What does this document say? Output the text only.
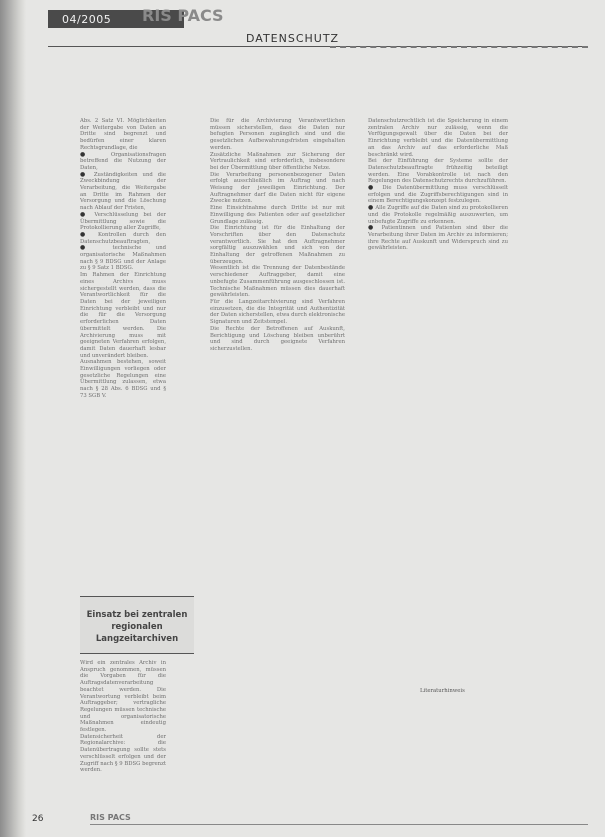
04/2005 RIS PACS
DATENSCHUTZ

Abs. 2 Satz VI. Möglichkeiten der Weitergabe von Daten an Dritte sind begrenzt und bedürfen einer klaren Rechtsgrundlage, die

● Organisationsfragen betreffend die Nutzung der Daten,

● Zuständigkeiten und die Zweckbindung der Verarbeitung, die Weitergabe an Dritte im Rahmen der Versorgung und die Löschung nach Ablauf der Fristen,

● Verschlüsselung bei der Übermittlung sowie die Protokollierung aller Zugriffe,

● Kontrollen durch den Datenschutzbeauftragten,

● technische und organisatorische Maßnahmen nach § 9 BDSG und der Anlage zu § 9 Satz 1 BDSG.

Im Rahmen der Einrichtung eines Archivs muss sichergestellt werden, dass die Verantwortlichkeit für die Daten bei der jeweiligen Einrichtung verbleibt und nur die für die Versorgung erforderlichen Daten übermittelt werden. Die Archivierung muss mit geeigneten Verfahren erfolgen, damit Daten dauerhaft lesbar und unverändert bleiben.

Ausnahmen bestehen, soweit Einwilligungen vorliegen oder gesetzliche Regelungen eine Übermittlung zulassen, etwa nach § 28 Abs. 6 BDSG und § 73 SGB V.

Einsatz bei zentralen regionalen Langzeitarchiven

Wird ein zentrales Archiv in Anspruch genommen, müssen die Vorgaben für die Auftragsdatenverarbeitung beachtet werden. Die Verantwortung verbleibt beim Auftraggeber; vertragliche Regelungen müssen technische und organisatorische Maßnahmen eindeutig festlegen.

Datensicherheit der Regionalarchive: die Datenübertragung sollte stets verschlüsselt erfolgen und der Zugriff nach § 9 BDSG begrenzt werden.

Die für die Archivierung Verantwortlichen müssen sicherstellen, dass die Daten nur befugten Personen zugänglich sind und die gesetzlichen Aufbewahrungsfristen eingehalten werden.

Zusätzliche Maßnahmen zur Sicherung der Vertraulichkeit sind erforderlich, insbesondere bei der Übermittlung über öffentliche Netze.

Die Verarbeitung personenbezogener Daten erfolgt ausschließlich im Auftrag und nach Weisung der jeweiligen Einrichtung. Der Auftragnehmer darf die Daten nicht für eigene Zwecke nutzen.

Eine Einsichtnahme durch Dritte ist nur mit Einwilligung des Patienten oder auf gesetzlicher Grundlage zulässig.

Die Einrichtung ist für die Einhaltung der Vorschriften über den Datenschutz verantwortlich. Sie hat den Auftragnehmer sorgfältig auszuwählen und sich von der Einhaltung der getroffenen Maßnahmen zu überzeugen.

Wesentlich ist die Trennung der Datenbestände verschiedener Auftraggeber, damit eine unbefugte Zusammenführung ausgeschlossen ist. Technische Maßnahmen müssen dies dauerhaft gewährleisten.

Für die Langzeitarchivierung sind Verfahren einzusetzen, die die Integrität und Authentizität der Daten sicherstellen, etwa durch elektronische Signaturen und Zeitstempel.

Die Rechte der Betroffenen auf Auskunft, Berichtigung und Löschung bleiben unberührt und sind durch geeignete Verfahren sicherzustellen.

Datenschutzrechtlich ist die Speicherung in einem zentralen Archiv nur zulässig, wenn die Verfügungsgewalt über die Daten bei der Einrichtung verbleibt und die Datenübermittlung an das Archiv auf das erforderliche Maß beschränkt wird.

Bei der Einführung der Systeme sollte der Datenschutzbeauftragte frühzeitig beteiligt werden. Eine Vorabkontrolle ist nach den Regelungen des Datenschutzrechts durchzuführen.

● Die Datenübermittlung muss verschlüsselt erfolgen und die Zugriffsberechtigungen sind in einem Berechtigungskonzept festzulegen.

● Alle Zugriffe auf die Daten sind zu protokollieren und die Protokolle regelmäßig auszuwerten, um unbefugte Zugriffe zu erkennen.

● Patientinnen und Patienten sind über die Verarbeitung ihrer Daten im Archiv zu informieren; ihre Rechte auf Auskunft und Widerspruch sind zu gewährleisten.

Literaturhinweis
26	RIS PACS
